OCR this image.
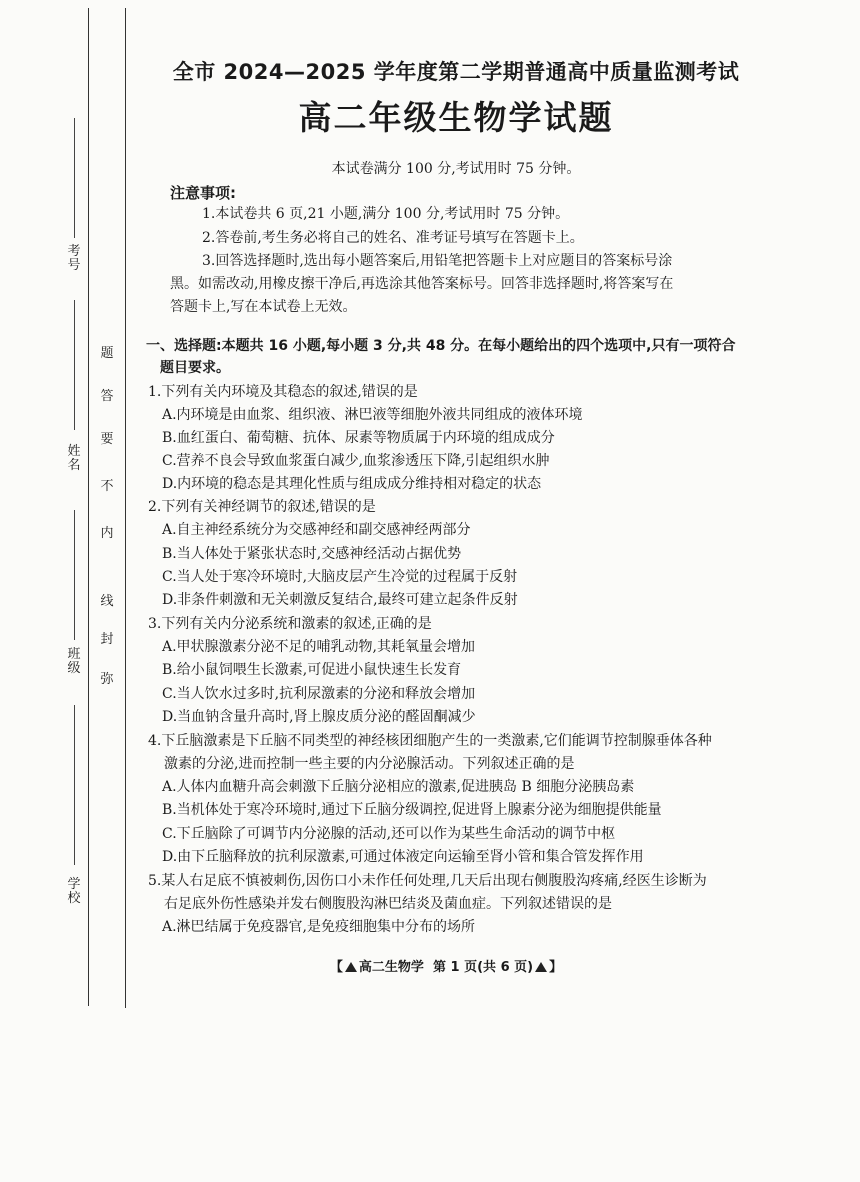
考号
姓名
班级
学校
弥
封
线
内
不
要
答
题
全市 2024—2025 学年度第二学期普通高中质量监测考试
高二年级生物学试题
本试卷满分 100 分,考试用时 75 分钟。
注意事项:
1.本试卷共 6 页,21 小题,满分 100 分,考试用时 75 分钟。
2.答卷前,考生务必将自己的姓名、准考证号填写在答题卡上。
3.回答选择题时,选出每小题答案后,用铅笔把答题卡上对应题目的答案标号涂
黑。如需改动,用橡皮擦干净后,再选涂其他答案标号。回答非选择题时,将答案写在
答题卡上,写在本试卷上无效。
一、选择题:本题共 16 小题,每小题 3 分,共 48 分。在每小题给出的四个选项中,只有一项符合
题目要求。
1.下列有关内环境及其稳态的叙述,错误的是
A.内环境是由血浆、组织液、淋巴液等细胞外液共同组成的液体环境
B.血红蛋白、葡萄糖、抗体、尿素等物质属于内环境的组成成分
C.营养不良会导致血浆蛋白减少,血浆渗透压下降,引起组织水肿
D.内环境的稳态是其理化性质与组成成分维持相对稳定的状态
2.下列有关神经调节的叙述,错误的是
A.自主神经系统分为交感神经和副交感神经两部分
B.当人体处于紧张状态时,交感神经活动占据优势
C.当人处于寒冷环境时,大脑皮层产生冷觉的过程属于反射
D.非条件刺激和无关刺激反复结合,最终可建立起条件反射
3.下列有关内分泌系统和激素的叙述,正确的是
A.甲状腺激素分泌不足的哺乳动物,其耗氧量会增加
B.给小鼠饲喂生长激素,可促进小鼠快速生长发育
C.当人饮水过多时,抗利尿激素的分泌和释放会增加
D.当血钠含量升高时,肾上腺皮质分泌的醛固酮减少
4.下丘脑激素是下丘脑不同类型的神经核团细胞产生的一类激素,它们能调节控制腺垂体各种
激素的分泌,进而控制一些主要的内分泌腺活动。下列叙述正确的是
A.人体内血糖升高会刺激下丘脑分泌相应的激素,促进胰岛 B 细胞分泌胰岛素
B.当机体处于寒冷环境时,通过下丘脑分级调控,促进肾上腺素分泌为细胞提供能量
C.下丘脑除了可调节内分泌腺的活动,还可以作为某些生命活动的调节中枢
D.由下丘脑释放的抗利尿激素,可通过体液定向运输至肾小管和集合管发挥作用
5.某人右足底不慎被刺伤,因伤口小未作任何处理,几天后出现右侧腹股沟疼痛,经医生诊断为
右足底外伤性感染并发右侧腹股沟淋巴结炎及菌血症。下列叙述错误的是
A.淋巴结属于免疫器官,是免疫细胞集中分布的场所
【 高二生物学 第 1 页(共 6 页) 】
